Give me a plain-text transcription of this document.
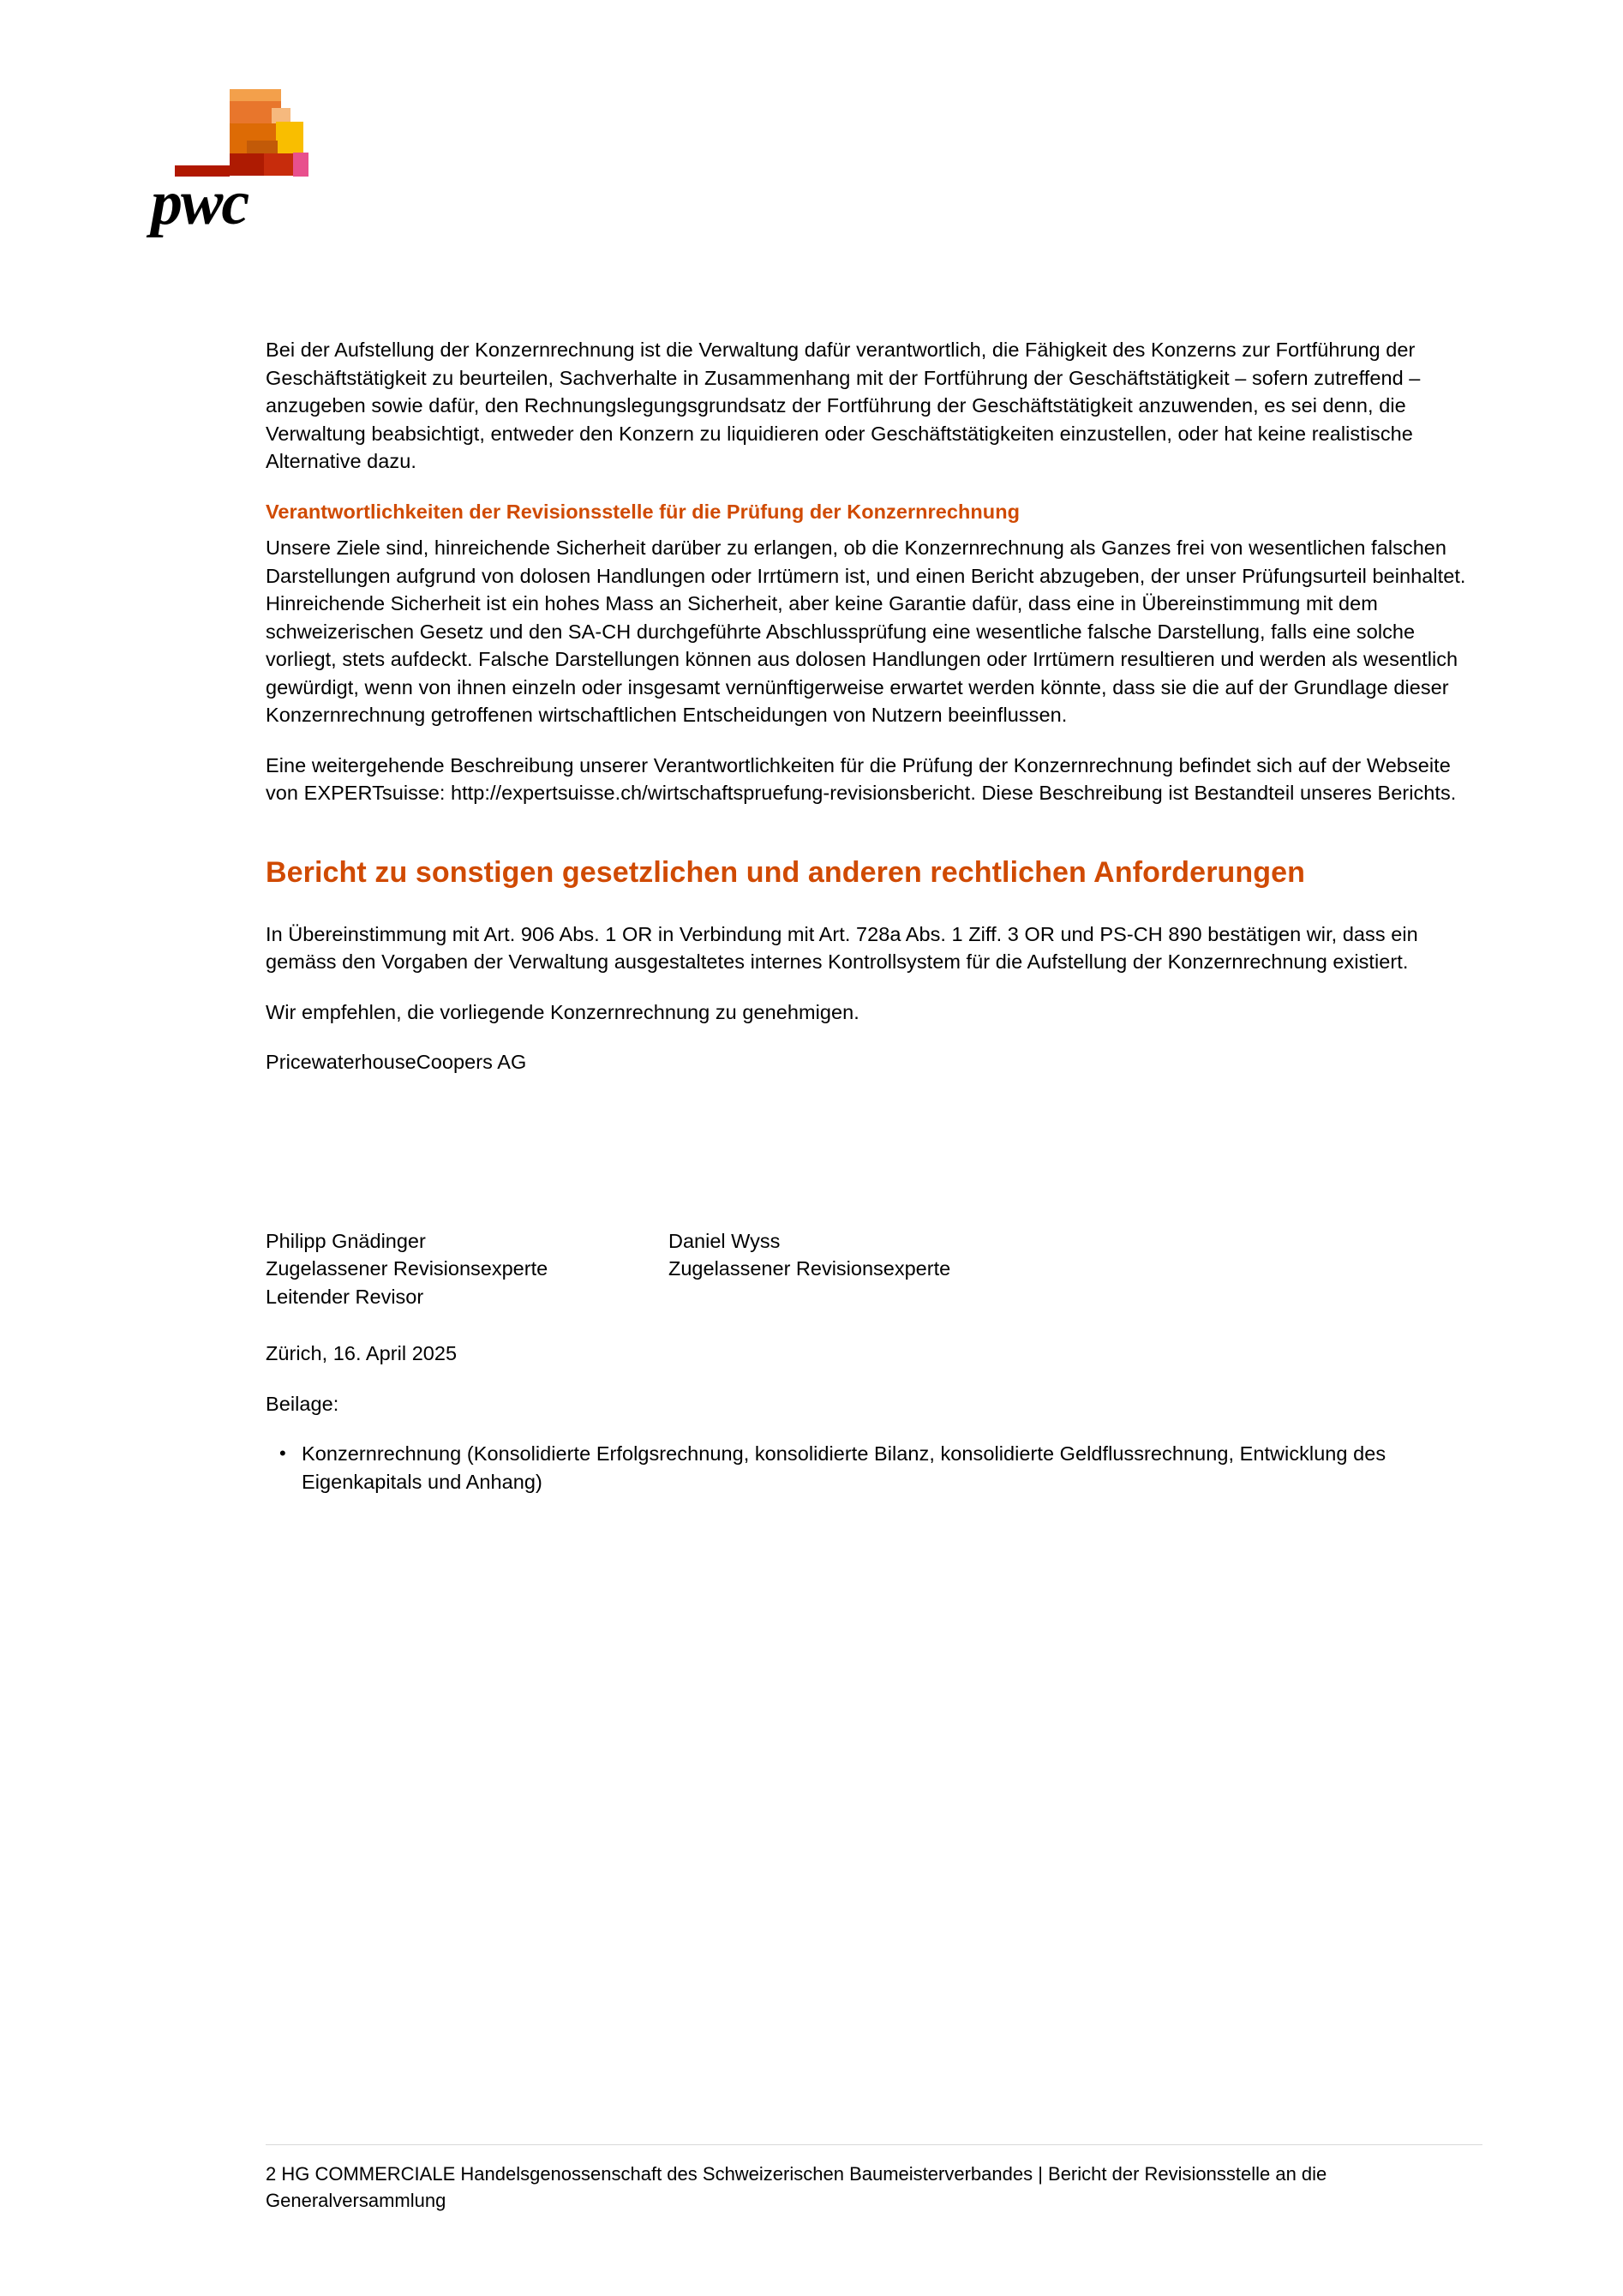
pwc

Bei der Aufstellung der Konzernrechnung ist die Verwaltung dafür verantwortlich, die Fähigkeit des Konzerns zur Fortführung der Geschäftstätigkeit zu beurteilen, Sachverhalte in Zusammenhang mit der Fortführung der Geschäftstätigkeit – sofern zutreffend – anzugeben sowie dafür, den Rechnungslegungsgrundsatz der Fortführung der Geschäftstätigkeit anzuwenden, es sei denn, die Verwaltung beabsichtigt, entweder den Konzern zu liquidieren oder Geschäftstätigkeiten einzustellen, oder hat keine realistische Alternative dazu.

Verantwortlichkeiten der Revisionsstelle für die Prüfung der Konzernrechnung

Unsere Ziele sind, hinreichende Sicherheit darüber zu erlangen, ob die Konzernrechnung als Ganzes frei von wesentlichen falschen Darstellungen aufgrund von dolosen Handlungen oder Irrtümern ist, und einen Bericht abzugeben, der unser Prüfungsurteil beinhaltet. Hinreichende Sicherheit ist ein hohes Mass an Sicherheit, aber keine Garantie dafür, dass eine in Übereinstimmung mit dem schweizerischen Gesetz und den SA-CH durchgeführte Abschlussprüfung eine wesentliche falsche Darstellung, falls eine solche vorliegt, stets aufdeckt. Falsche Darstellungen können aus dolosen Handlungen oder Irrtümern resultieren und werden als wesentlich gewürdigt, wenn von ihnen einzeln oder insgesamt vernünftigerweise erwartet werden könnte, dass sie die auf der Grundlage dieser Konzernrechnung getroffenen wirtschaftlichen Entscheidungen von Nutzern beeinflussen.

Eine weitergehende Beschreibung unserer Verantwortlichkeiten für die Prüfung der Konzernrechnung befindet sich auf der Webseite von EXPERTsuisse: http://expertsuisse.ch/wirtschaftspruefung-revisionsbericht. Diese Beschreibung ist Bestandteil unseres Berichts.

Bericht zu sonstigen gesetzlichen und anderen rechtlichen Anforderungen

In Übereinstimmung mit Art. 906 Abs. 1 OR in Verbindung mit Art. 728a Abs. 1 Ziff. 3 OR und PS-CH 890 bestätigen wir, dass ein gemäss den Vorgaben der Verwaltung ausgestaltetes internes Kontrollsystem für die Aufstellung der Konzernrechnung existiert.

Wir empfehlen, die vorliegende Konzernrechnung zu genehmigen.

PricewaterhouseCoopers AG

Philipp Gnädinger
Zugelassener Revisionsexperte
Leitender Revisor
Daniel Wyss
Zugelassener Revisionsexperte

Zürich, 16. April 2025

Beilage:

• Konzernrechnung (Konsolidierte Erfolgsrechnung, konsolidierte Bilanz, konsolidierte Geldflussrechnung, Entwicklung des Eigenkapitals und Anhang)
2 HG COMMERCIALE Handelsgenossenschaft des Schweizerischen Baumeisterverbandes | Bericht der Revisionsstelle an die Generalversammlung
